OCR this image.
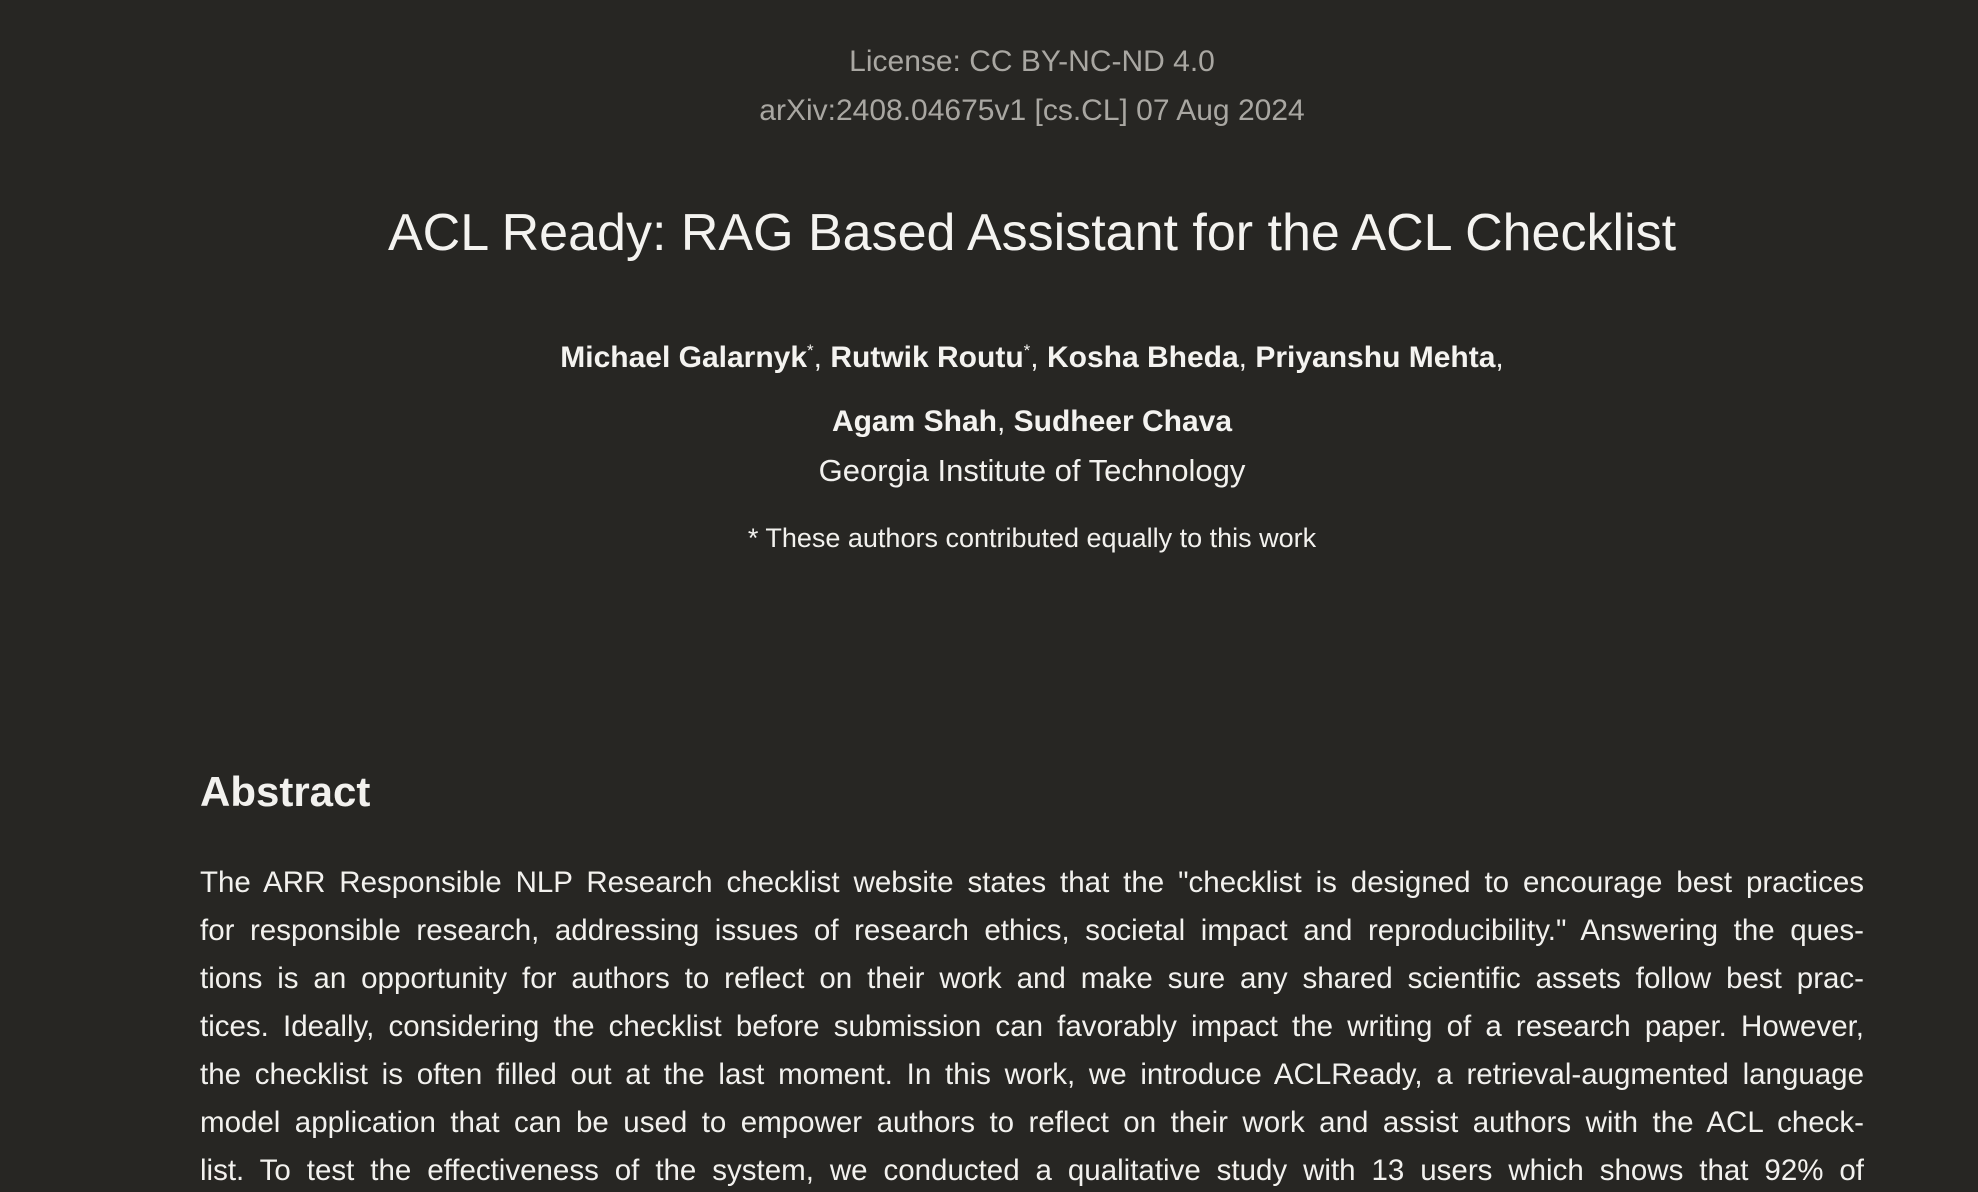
License: CC BY-NC-ND 4.0
arXiv:2408.04675v1 [cs.CL] 07 Aug 2024
ACL Ready: RAG Based Assistant for the ACL Checklist
Michael Galarnyk*, Rutwik Routu*, Kosha Bheda, Priyanshu Mehta,
Agam Shah, Sudheer Chava
Georgia Institute of Technology
* These authors contributed equally to this work
Abstract
The ARR Responsible NLP Research checklist website states that the "checklist is designed to encourage best practices
for responsible research, addressing issues of research ethics, societal impact and reproducibility." Answering the ques-
tions is an opportunity for authors to reflect on their work and make sure any shared scientific assets follow best prac-
tices. Ideally, considering the checklist before submission can favorably impact the writing of a research paper. However,
the checklist is often filled out at the last moment. In this work, we introduce ACLReady, a retrieval-augmented language
model application that can be used to empower authors to reflect on their work and assist authors with the ACL check-
list. To test the effectiveness of the system, we conducted a qualitative study with 13 users which shows that 92% of
